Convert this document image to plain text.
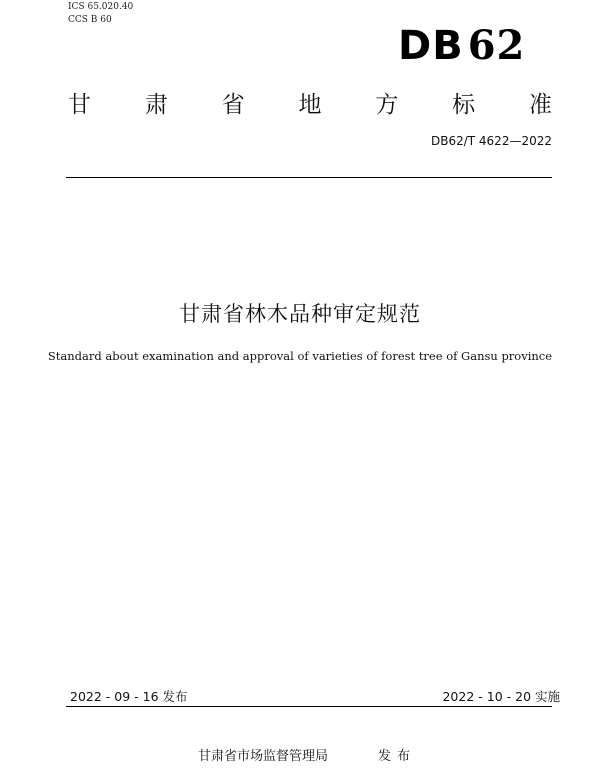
ICS 65.020.40
CCS B 60
DB 62
甘 肃 省 地 方 标 准
DB62/T 4622—2022
甘肃省林木品种审定规范
Standard about examination and approval of varieties of forest tree of Gansu province
2022 - 09 - 16 发布	2022 - 10 - 20 实施
甘肃省市场监督管理局	发布
